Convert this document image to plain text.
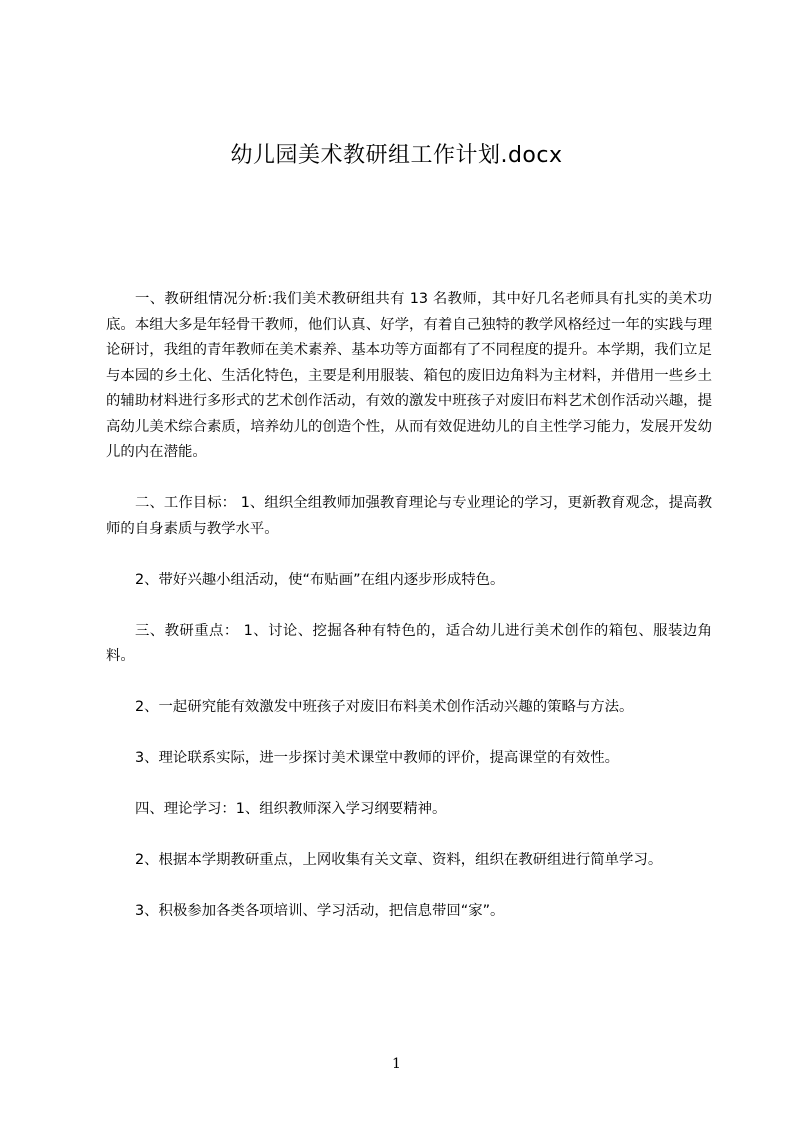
幼儿园美术教研组工作计划.docx

一、教研组情况分析:我们美术教研组共有 13 名教师，其中好几名老师具有扎实的美术功底。本组大多是年轻骨干教师，他们认真、好学，有着自己独特的教学风格经过一年的实践与理论研讨，我组的青年教师在美术素养、基本功等方面都有了不同程度的提升。本学期，我们立足与本园的乡土化、生活化特色，主要是利用服装、箱包的废旧边角料为主材料，并借用一些乡土的辅助材料进行多形式的艺术创作活动，有效的激发中班孩子对废旧布料艺术创作活动兴趣，提高幼儿美术综合素质，培养幼儿的创造个性，从而有效促进幼儿的自主性学习能力，发展开发幼儿的内在潜能。

二、工作目标： 1、组织全组教师加强教育理论与专业理论的学习，更新教育观念，提高教师的自身素质与教学水平。

2、带好兴趣小组活动，使“布贴画”在组内逐步形成特色。

三、教研重点： 1、讨论、挖掘各种有特色的，适合幼儿进行美术创作的箱包、服装边角料。

2、一起研究能有效激发中班孩子对废旧布料美术创作活动兴趣的策略与方法。

3、理论联系实际，进一步探讨美术课堂中教师的评价，提高课堂的有效性。

四、理论学习：1、组织教师深入学习纲要精神。

2、根据本学期教研重点，上网收集有关文章、资料，组织在教研组进行简单学习。

3、积极参加各类各项培训、学习活动，把信息带回“家”。

1
